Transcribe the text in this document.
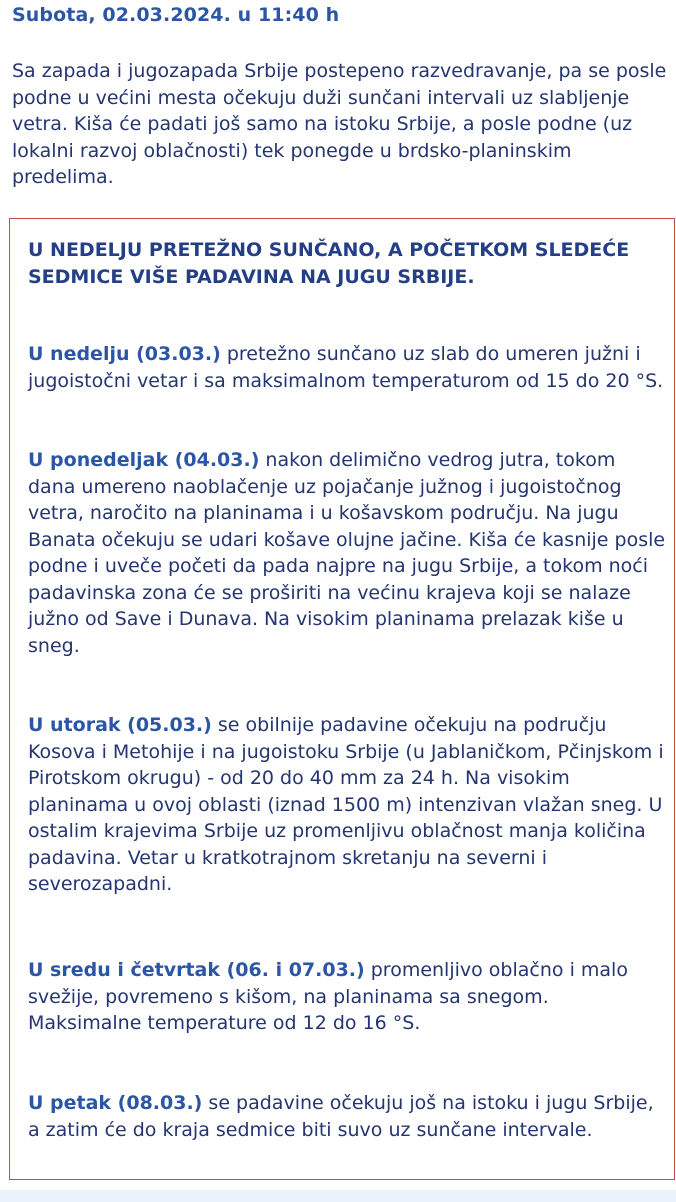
Subota, 02.03.2024. u 11:40 h

Sa zapada i jugozapada Srbije postepeno razvedravanje, pa se posle podne u većini mesta očekuju duži sunčani intervali uz slabljenje vetra. Kiša će padati još samo na istoku Srbije, a posle podne (uz lokalni razvoj oblačnosti) tek ponegde u brdsko-planinskim predelima.

U NEDELJU PRETEŽNO SUNČANO, A POČETKOM SLEDEĆE SEDMICE VIŠE PADAVINA NA JUGU SRBIJE.

U nedelju (03.03.) pretežno sunčano uz slab do umeren južni i jugoistočni vetar i sa maksimalnom temperaturom od 15 do 20 °S.

U ponedeljak (04.03.) nakon delimično vedrog jutra, tokom dana umereno naoblačenje uz pojačanje južnog i jugoistočnog vetra, naročito na planinama i u košavskom području. Na jugu Banata očekuju se udari košave olujne jačine. Kiša će kasnije posle podne i uveče početi da pada najpre na jugu Srbije, a tokom noći padavinska zona će se proširiti na većinu krajeva koji se nalaze južno od Save i Dunava. Na visokim planinama prelazak kiše u sneg.

U utorak (05.03.) se obilnije padavine očekuju na području Kosova i Metohije i na jugoistoku Srbije (u Jablaničkom, Pčinjskom i Pirotskom okrugu) - od 20 do 40 mm za 24 h. Na visokim planinama u ovoj oblasti (iznad 1500 m) intenzivan vlažan sneg. U ostalim krajevima Srbije uz promenljivu oblačnost manja količina padavina. Vetar u kratkotrajnom skretanju na severni i severozapadni.

U sredu i četvrtak (06. i 07.03.) promenljivo oblačno i malo svežije, povremeno s kišom, na planinama sa snegom. Maksimalne temperature od 12 do 16 °S.

U petak (08.03.) se padavine očekuju još na istoku i jugu Srbije, a zatim će do kraja sedmice biti suvo uz sunčane intervale.
